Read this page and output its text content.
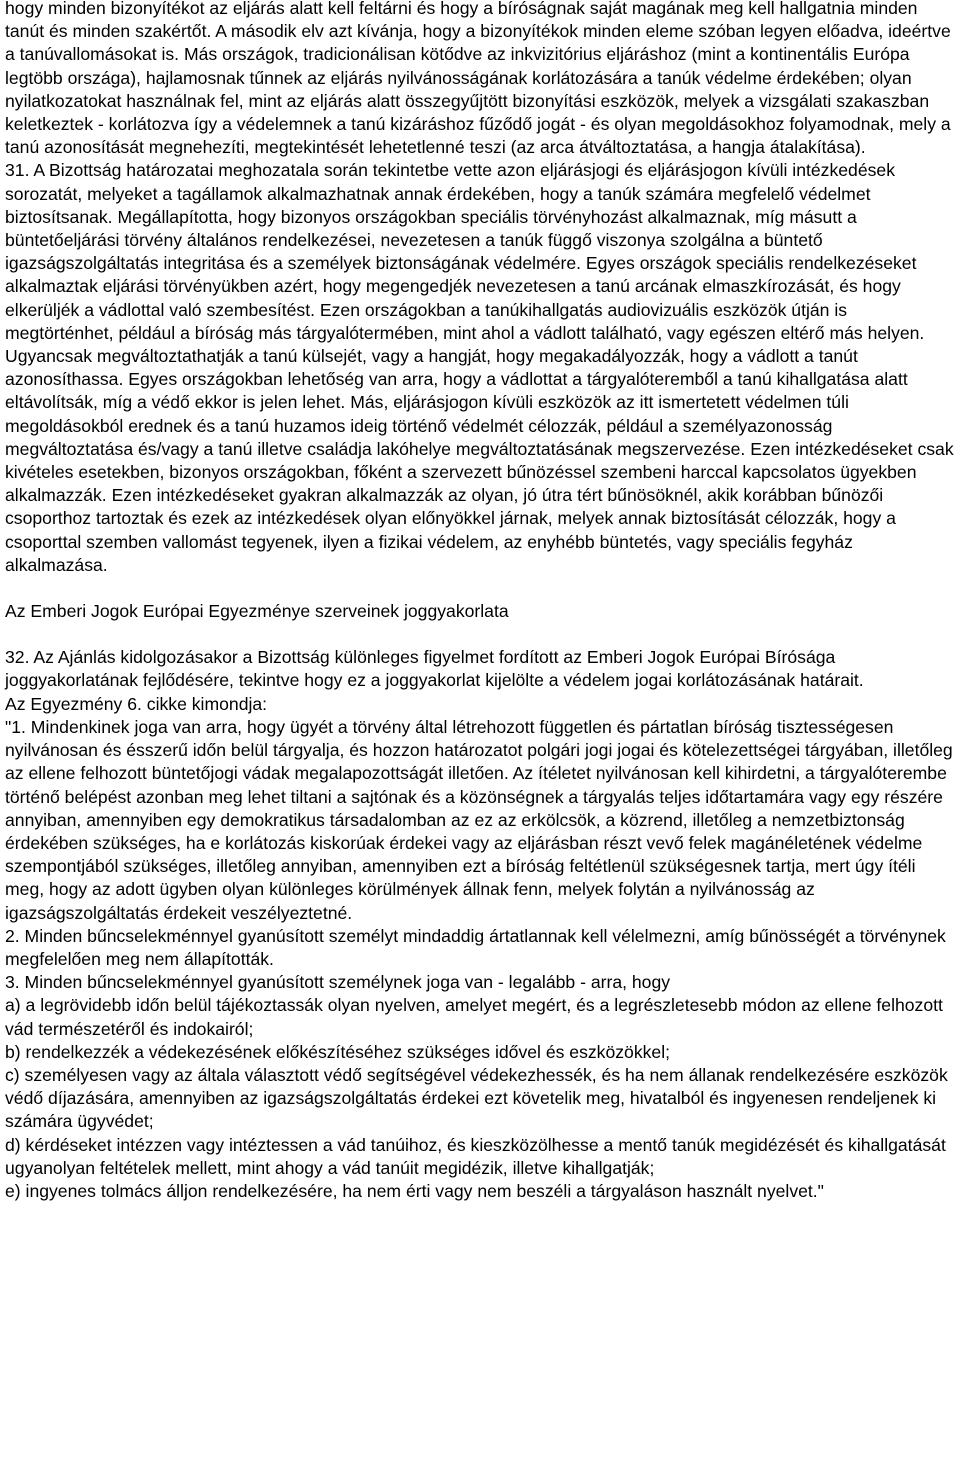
hogy minden bizonyítékot az eljárás alatt kell feltárni és hogy a bíróságnak saját magának meg kell hallgatnia minden tanút és minden szakértőt. A második elv azt kívánja, hogy a bizonyítékok minden eleme szóban legyen előadva, ideértve a tanúvallomásokat is. Más országok, tradicionálisan kötődve az inkvizitórius eljáráshoz (mint a kontinentális Európa legtöbb országa), hajlamosnak tűnnek az eljárás nyilvánosságának korlátozására a tanúk védelme érdekében; olyan nyilatkozatokat használnak fel, mint az eljárás alatt összegyűjtött bizonyítási eszközök, melyek a vizsgálati szakaszban keletkeztek - korlátozva így a védelemnek a tanú kizáráshoz fűződő jogát - és olyan megoldásokhoz folyamodnak, mely a tanú azonosítását megnehezíti, megtekintését lehetetlenné teszi (az arca átváltoztatása, a hangja átalakítása).

31. A Bizottság határozatai meghozatala során tekintetbe vette azon eljárásjogi és eljárásjogon kívüli intézkedések sorozatát, melyeket a tagállamok alkalmazhatnak annak érdekében, hogy a tanúk számára megfelelő védelmet biztosítsanak. Megállapította, hogy bizonyos országokban speciális törvényhozást alkalmaznak, míg másutt a büntetőeljárási törvény általános rendelkezései, nevezetesen a tanúk függő viszonya szolgálna a büntető igazságszolgáltatás integritása és a személyek biztonságának védelmére. Egyes országok speciális rendelkezéseket alkalmaztak eljárási törvényükben azért, hogy megengedjék nevezetesen a tanú arcának elmaszkírozását, és hogy elkerüljék a vádlottal való szembesítést. Ezen országokban a tanúkihallgatás audiovizuális eszközök útján is megtörténhet, például a bíróság más tárgyalótermében, mint ahol a vádlott található, vagy egészen eltérő más helyen. Ugyancsak megváltoztathatják a tanú külsejét, vagy a hangját, hogy megakadályozzák, hogy a vádlott a tanút azonosíthassa. Egyes országokban lehetőség van arra, hogy a vádlottat a tárgyalóteremből a tanú kihallgatása alatt eltávolítsák, míg a védő ekkor is jelen lehet. Más, eljárásjogon kívüli eszközök az itt ismertetett védelmen túli megoldásokból erednek és a tanú huzamos ideig történő védelmét célozzák, például a személyazonosság megváltoztatása és/vagy a tanú illetve családja lakóhelye megváltoztatásának megszervezése. Ezen intézkedéseket csak kivételes esetekben, bizonyos országokban, főként a szervezett bűnözéssel szembeni harccal kapcsolatos ügyekben alkalmazzák. Ezen intézkedéseket gyakran alkalmazzák az olyan, jó útra tért bűnösöknél, akik korábban bűnözői csoporthoz tartoztak és ezek az intézkedések olyan előnyökkel járnak, melyek annak biztosítását célozzák, hogy a csoporttal szemben vallomást tegyenek, ilyen a fizikai védelem, az enyhébb büntetés, vagy speciális fegyház alkalmazása.

Az Emberi Jogok Európai Egyezménye szerveinek joggyakorlata

32. Az Ajánlás kidolgozásakor a Bizottság különleges figyelmet fordított az Emberi Jogok Európai Bírósága joggyakorlatának fejlődésére, tekintve hogy ez a joggyakorlat kijelölte a védelem jogai korlátozásának határait.

Az Egyezmény 6. cikke kimondja:

"1. Mindenkinek joga van arra, hogy ügyét a törvény által létrehozott független és pártatlan bíróság tisztességesen nyilvánosan és ésszerű időn belül tárgyalja, és hozzon határozatot polgári jogi jogai és kötelezettségei tárgyában, illetőleg az ellene felhozott büntetőjogi vádak megalapozottságát illetően. Az ítéletet nyilvánosan kell kihirdetni, a tárgyalóterembe történő belépést azonban meg lehet tiltani a sajtónak és a közönségnek a tárgyalás teljes időtartamára vagy egy részére annyiban, amennyiben egy demokratikus társadalomban az ez az erkölcsök, a közrend, illetőleg a nemzetbiztonság érdekében szükséges, ha e korlátozás kiskorúak érdekei vagy az eljárásban részt vevő felek magánéletének védelme szempontjából szükséges, illetőleg annyiban, amennyiben ezt a bíróság feltétlenül szükségesnek tartja, mert úgy ítéli meg, hogy az adott ügyben olyan különleges körülmények állnak fenn, melyek folytán a nyilvánosság az igazságszolgáltatás érdekeit veszélyeztetné.

2. Minden bűncselekménnyel gyanúsított személyt mindaddig ártatlannak kell vélelmezni, amíg bűnösségét a törvénynek megfelelően meg nem állapították.

3. Minden bűncselekménnyel gyanúsított személynek joga van - legalább - arra, hogy

a) a legrövidebb időn belül tájékoztassák olyan nyelven, amelyet megért, és a legrészletesebb módon az ellene felhozott vád természetéről és indokairól;

b) rendelkezzék a védekezésének előkészítéséhez szükséges idővel és eszközökkel;

c) személyesen vagy az általa választott védő segítségével védekezhessék, és ha nem állanak rendelkezésére eszközök védő díjazására, amennyiben az igazságszolgáltatás érdekei ezt követelik meg, hivatalból és ingyenesen rendeljenek ki számára ügyvédet;

d) kérdéseket intézzen vagy intéztessen a vád tanúihoz, és kieszközölhesse a mentő tanúk megidézését és kihallgatását ugyanolyan feltételek mellett, mint ahogy a vád tanúit megidézik, illetve kihallgatják;

e) ingyenes tolmács álljon rendelkezésére, ha nem érti vagy nem beszéli a tárgyaláson használt nyelvet."
